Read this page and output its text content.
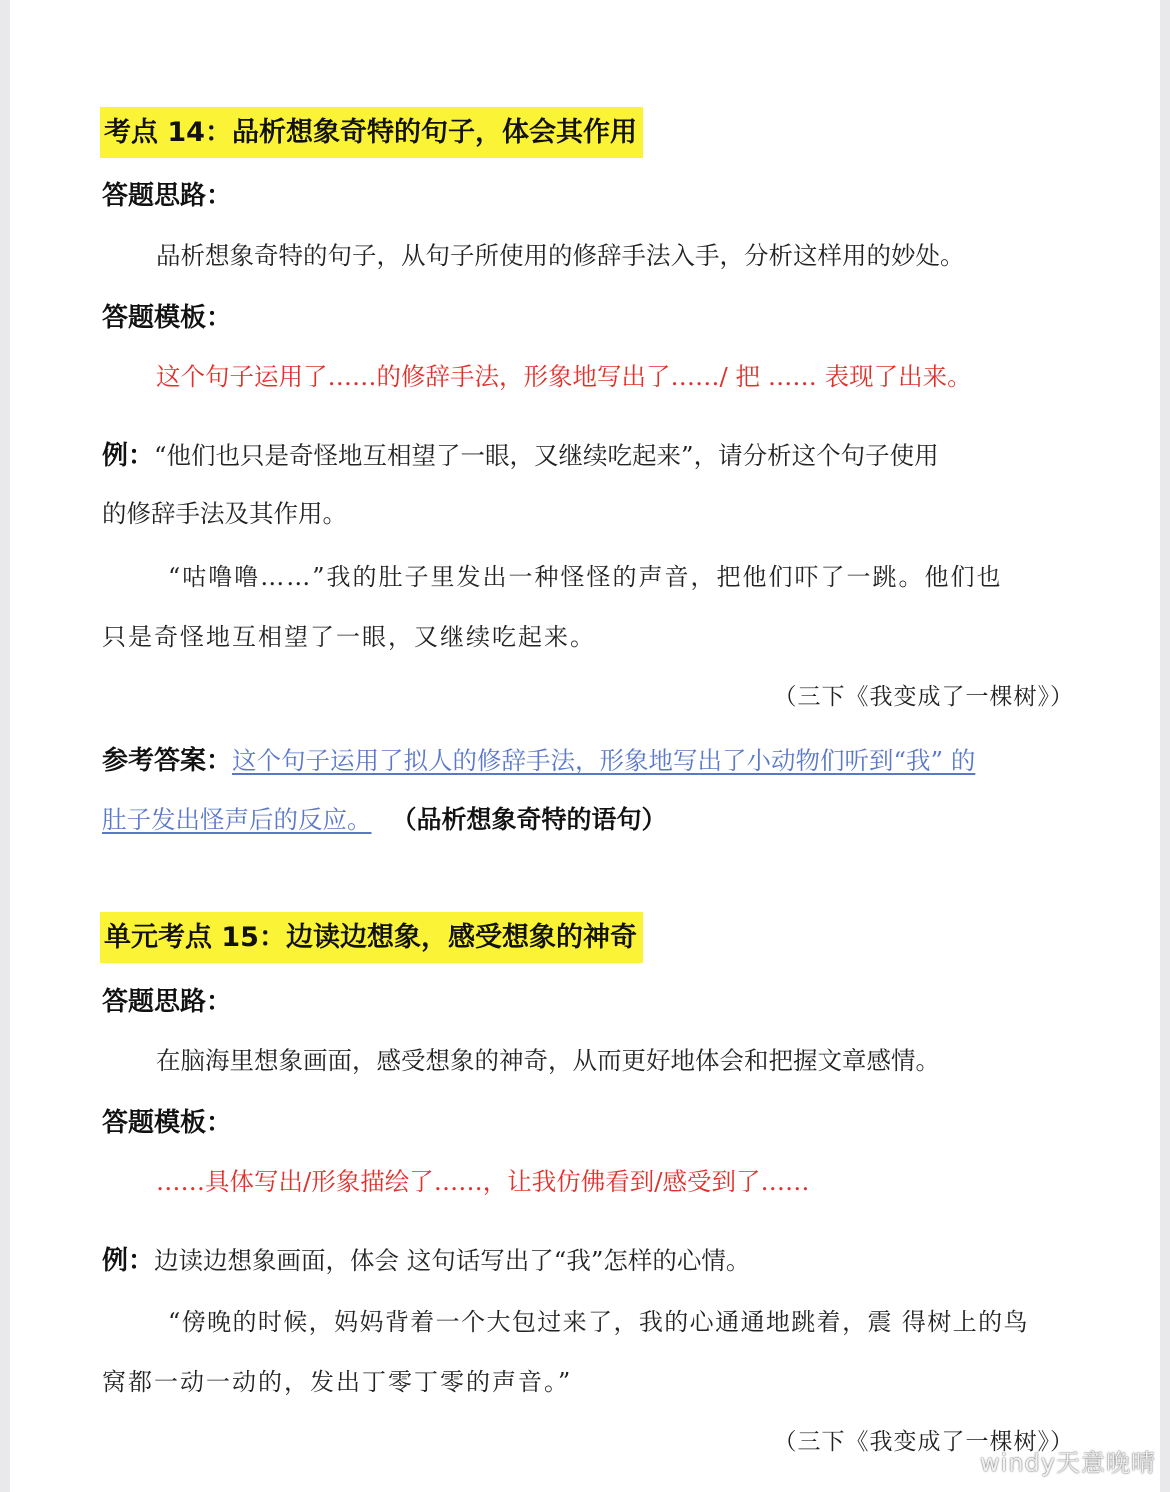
考点 14：品析想象奇特的句子，体会其作用
答题思路：
品析想象奇特的句子，从句子所使用的修辞手法入手，分析这样用的妙处。
答题模板：
这个句子运用了……的修辞手法，形象地写出了……/ 把 …… 表现了出来。
例：“他们也只是奇怪地互相望了一眼，又继续吃起来”，请分析这个句子使用
的修辞手法及其作用。
“咕噜噜……”我的肚子里发出一种怪怪的声音，把他们吓了一跳。他们也
只是奇怪地互相望了一眼，又继续吃起来。
（三下《我变成了一棵树》）
参考答案：这个句子运用了拟人的修辞手法，形象地写出了小动物们听到“我” 的
肚子发出怪声后的反应。 （品析想象奇特的语句）
单元考点 15：边读边想象，感受想象的神奇
答题思路：
在脑海里想象画面，感受想象的神奇，从而更好地体会和把握文章感情。
答题模板：
……具体写出/形象描绘了……，让我仿佛看到/感受到了……
例：边读边想象画面，体会 这句话写出了“我”怎样的心情。
“傍晚的时候，妈妈背着一个大包过来了，我的心通通地跳着，震 得树上的鸟
窝都一动一动的，发出丁零丁零的声音。”
（三下《我变成了一棵树》）
windy天意晚晴
